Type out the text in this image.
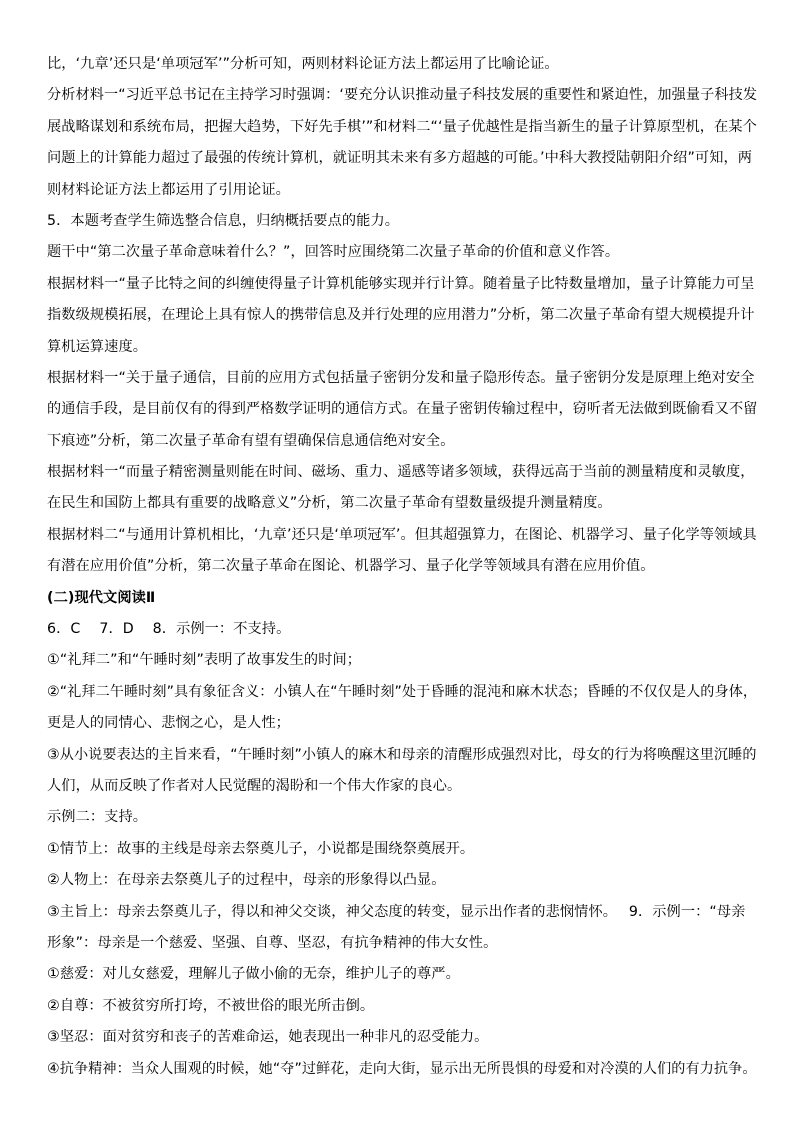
比，‘九章’还只是‘单项冠军’”分析可知，两则材料论证方法上都运用了比喻论证。
分析材料一“习近平总书记在主持学习时强调：‘要充分认识推动量子科技发展的重要性和紧迫性，加强量子科技发
展战略谋划和系统布局，把握大趋势，下好先手棋’”和材料二“‘量子优越性是指当新生的量子计算原型机，在某个
问题上的计算能力超过了最强的传统计算机，就证明其未来有多方超越的可能。’中科大教授陆朝阳介绍”可知，两
则材料论证方法上都运用了引用论证。
5．本题考查学生筛选整合信息，归纳概括要点的能力。
题干中“第二次量子革命意味着什么？”，回答时应围绕第二次量子革命的价值和意义作答。
根据材料一“量子比特之间的纠缠使得量子计算机能够实现并行计算。随着量子比特数量增加，量子计算能力可呈
指数级规模拓展，在理论上具有惊人的携带信息及并行处理的应用潜力”分析，第二次量子革命有望大规模提升计
算机运算速度。
根据材料一“关于量子通信，目前的应用方式包括量子密钥分发和量子隐形传态。量子密钥分发是原理上绝对安全
的通信手段，是目前仅有的得到严格数学证明的通信方式。在量子密钥传输过程中，窃听者无法做到既偷看又不留
下痕迹”分析，第二次量子革命有望有望确保信息通信绝对安全。
根据材料一“而量子精密测量则能在时间、磁场、重力、遥感等诸多领域，获得远高于当前的测量精度和灵敏度，
在民生和国防上都具有重要的战略意义”分析，第二次量子革命有望数量级提升测量精度。
根据材料二“与通用计算机相比，‘九章’还只是‘单项冠军’。但其超强算力，在图论、机器学习、量子化学等领域具
有潜在应用价值”分析，第二次量子革命在图论、机器学习、量子化学等领域具有潜在应用价值。
(二)现代文阅读Ⅱ
6．C　 7．D　 8．示例一：不支持。
①“礼拜二”和“午睡时刻”表明了故事发生的时间；
②“礼拜二午睡时刻”具有象征含义：小镇人在“午睡时刻”处于昏睡的混沌和麻木状态；昏睡的不仅仅是人的身体，
更是人的同情心、悲悯之心，是人性；
③从小说要表达的主旨来看，“午睡时刻”小镇人的麻木和母亲的清醒形成强烈对比，母女的行为将唤醒这里沉睡的
人们，从而反映了作者对人民觉醒的渴盼和一个伟大作家的良心。
示例二：支持。
①情节上：故事的主线是母亲去祭奠儿子，小说都是围绕祭奠展开。
②人物上：在母亲去祭奠儿子的过程中，母亲的形象得以凸显。
③主旨上：母亲去祭奠儿子，得以和神父交谈，神父态度的转变，显示出作者的悲悯情怀。　 9．示例一：“母亲
形象”：母亲是一个慈爱、坚强、自尊、坚忍，有抗争精神的伟大女性。
①慈爱：对儿女慈爱，理解儿子做小偷的无奈，维护儿子的尊严。
②自尊：不被贫穷所打垮，不被世俗的眼光所击倒。
③坚忍：面对贫穷和丧子的苦难命运，她表现出一种非凡的忍受能力。
④抗争精神：当众人围观的时候，她“夺”过鲜花，走向大街，显示出无所畏惧的母爱和对冷漠的人们的有力抗争。
